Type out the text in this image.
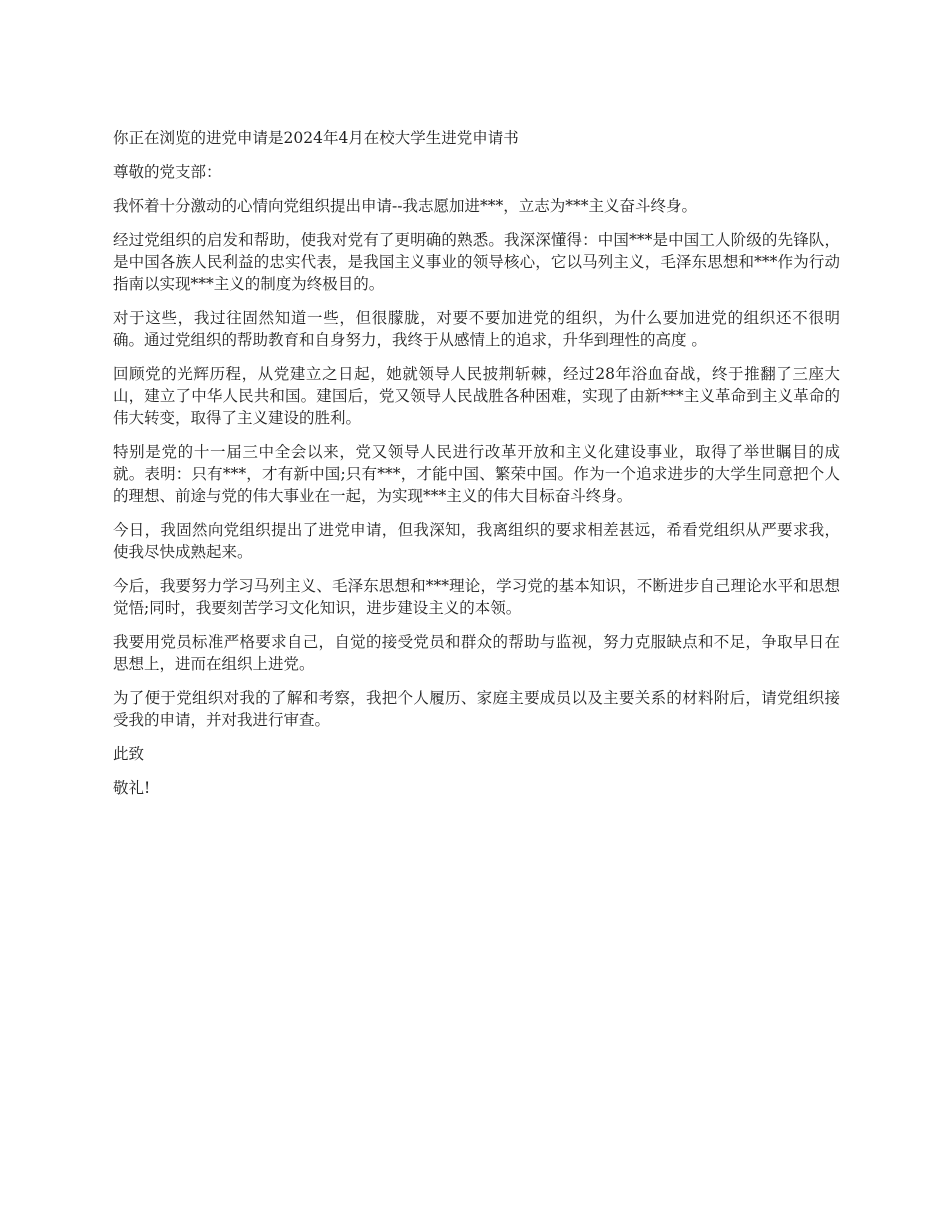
你正在浏览的进党申请是2024年4月在校大学生进党申请书

尊敬的党支部：

我怀着十分激动的心情向党组织提出申请--我志愿加进***，立志为***主义奋斗终身。

经过党组织的启发和帮助，使我对党有了更明确的熟悉。我深深懂得：中国***是中国工人阶级的先锋队，是中国各族人民利益的忠实代表，是我国主义事业的领导核心，它以马列主义，毛泽东思想和***作为行动指南以实现***主义的制度为终极目的。

对于这些，我过往固然知道一些，但很朦胧，对要不要加进党的组织，为什么要加进党的组织还不很明确。通过党组织的帮助教育和自身努力，我终于从感情上的追求，升华到理性的高度 。

回顾党的光辉历程，从党建立之日起，她就领导人民披荆斩棘，经过28年浴血奋战，终于推翻了三座大山，建立了中华人民共和国。建国后，党又领导人民战胜各种困难，实现了由新***主义革命到主义革命的伟大转变，取得了主义建设的胜利。

特别是党的十一届三中全会以来，党又领导人民进行改革开放和主义化建设事业，取得了举世瞩目的成就。表明：只有***，才有新中国;只有***，才能中国、繁荣中国。作为一个追求进步的大学生同意把个人的理想、前途与党的伟大事业在一起，为实现***主义的伟大目标奋斗终身。

今日，我固然向党组织提出了进党申请，但我深知，我离组织的要求相差甚远，希看党组织从严要求我，使我尽快成熟起来。

今后，我要努力学习马列主义、毛泽东思想和***理论，学习党的基本知识，不断进步自己理论水平和思想觉悟;同时，我要刻苦学习文化知识，进步建设主义的本领。

我要用党员标准严格要求自己，自觉的接受党员和群众的帮助与监视，努力克服缺点和不足，争取早日在思想上，进而在组织上进党。

为了便于党组织对我的了解和考察，我把个人履历、家庭主要成员以及主要关系的材料附后，请党组织接受我的申请，并对我进行审查。

此致

敬礼!
